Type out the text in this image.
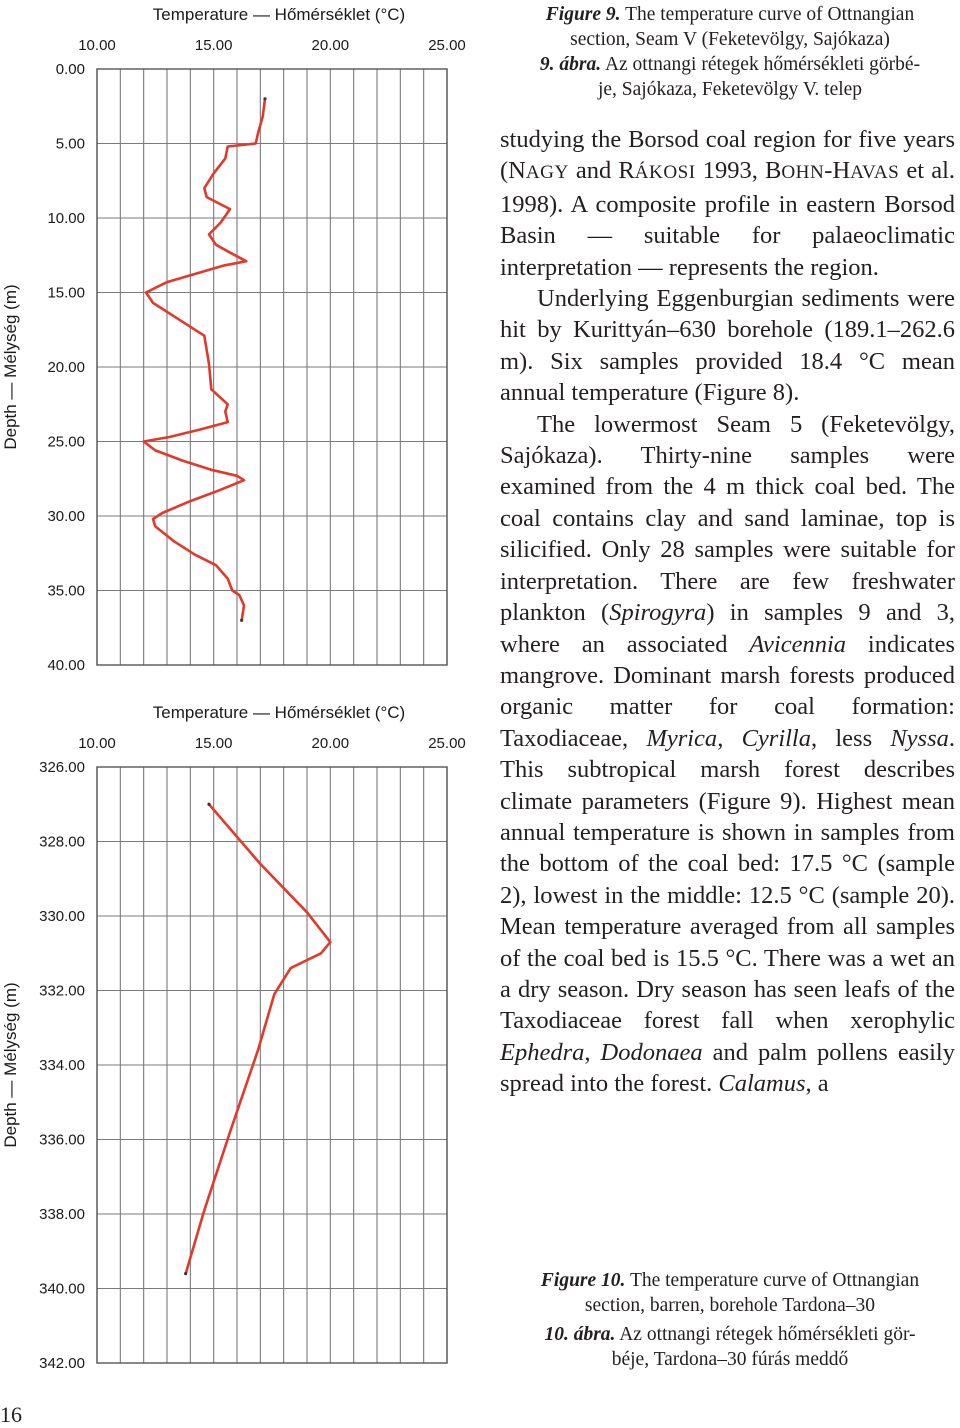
10.00	15.00	20.00	25.00
0.00
5.00
10.00
15.00
20.00
25.00
30.00
35.00
40.00
Temperature — Hőmérséklet (°C)
Depth — Mélység (m)
10.00	15.00	20.00	25.00
326.00
328.00
330.00
332.00
334.00
336.00
338.00
340.00
342.00
Temperature — Hőmérséklet (°C)
Depth — Mélység (m)
Figure 9. The temperature curve of Ottnangian
section, Seam V (Feketevölgy, Sajókaza)
9. ábra. Az ottnangi rétegek hőmérsékleti görbé-
je, Sajókaza, Feketevölgy V. telep

studying the Borsod coal region for five years (NAGY and RÁKOSI 1993, BOHN-HAVAS et al. 1998). A composite profile in eastern Borsod Basin — suitable for palaeoclimatic interpretation — represents the region.

Underlying Eggenburgian sediments were hit by Kurittyán–630 borehole (189.1–262.6 m). Six samples provided 18.4 °C mean annual temperature (Figure 8).

The lowermost Seam 5 (Feketevölgy, Sajókaza). Thirty-nine samples were examined from the 4 m thick coal bed. The coal contains clay and sand laminae, top is silicified. Only 28 samples were suitable for interpretation. There are few freshwater plankton (Spirogyra) in samples 9 and 3, where an associated Avicennia indicates mangrove. Dominant marsh forests produced organic matter for coal formation: Taxodiaceae, Myrica, Cyrilla, less Nyssa. This subtropical marsh forest describes climate parameters (Figure 9). Highest mean annual temperature is shown in samples from the bottom of the coal bed: 17.5 °C (sample 2), lowest in the middle: 12.5 °C (sample 20). Mean temperature averaged from all samples of the coal bed is 15.5 °C. There was a wet an a dry season. Dry season has seen leafs of the Taxodiaceae forest fall when xerophylic Ephedra, Dodonaea and palm pollens easily spread into the forest. Calamus, a

Figure 10. The temperature curve of Ottnangian
section, barren, borehole Tardona–30
10. ábra. Az ottnangi rétegek hőmérsékleti gör-
béje, Tardona–30 fúrás meddő
16
